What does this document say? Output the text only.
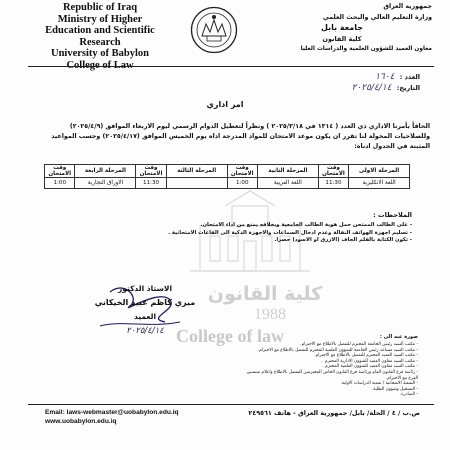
Republic of Iraq
Ministry of Higher
Education and Scientific
Research
University of Babylon
College of Law
جمهورية العراق
وزارة التعليم العالي والبحث العلمي
جامعة بابل
كلية القانون
معاون العميد للشؤون العلمية والدراسات العليا
العدد : ١٦٠٤
التاريخ: ٢٠٢٥/٤/١٤
امر اداري
الحاقاً بأمرنا الاداري ذي العدد ( ١٣١٤ في ٢٠٢٥/٣/١٨ ) ونظراً لتعطيل الدوام الرسمي ليوم الاربعاء الموافق (٢٠٢٥/٤/٩) وللصلاحيات المخولة لنا تقرر ان يكون موعد الامتحان للمواد المدرجة اداه يوم الخميس الموافق (٢٠٢٥/٤/١٧) وحسب المواعيد المثبتة في الجدول ادناه:
المرحلة الاولى	وقت الامتحان	المرحلة الثانية	وقت الامتحان	المرحلة الثالثة	وقت الامتحان	المرحلة الرابعة	وقت الامتحان
اللغة الانكليزية	11:30	اللغة العربية	1:00		11:30	الاوراق التجارية	1:00
الملاحظات :
- على الطالب الممتحن حمل هوية الطالب الجامعية وبخلافه يمنع من اداء الامتحان.
- تسليم اجهزة الهواتف النقالة وعدم ادخال السماعات والاجهزة الذكية الى القاعات الامتحانية .
- تكون الكتابة بالقلم الجاف (الازرق او الاسود) حصرا.
كلية القانون
1988
College of law
الاستاذ الدكتور
ميري كاظم عبيد الخيكاني
العميد
٢٠٢٥/٤/١٤
صورة عنه الى :
- مكتب السيد رئيس الجامعة المحترم للتفضل بالاطلاع مع الاحترام.
- مكتب السيد مساعد رئيس الجامعة للشؤون العلمية المحترم للتفضل بالاطلاع مع الاحترام.
- مكتب السيد العميد المحترم للتفضل بالاطلاع مع الاحترام.
- مكتب السيد معاون العميد للشؤون الادارية المحترم .
- مكتب السيد معاون العميد للشؤون العلمية المحترم .
- رئاسة فرع القانون العام ورئاسة فرع القانون الخاص المحترمين للتفضل بالاطلاع واعلام منتسبي الفرع مع الاحترام.
- الشعبة الامتحانية / شعبة الدراسات الاولية.
- التسجيل وشؤون الطلبة.
- الصادرة.
Email: laws-webmaster@uobabylon.edu.iq
www.uobabylon.edu.iq
ص.ب / ٤ / الحلة/ بابل/ جمهورية العراق - هاتف ٢٤٩٥٦١
